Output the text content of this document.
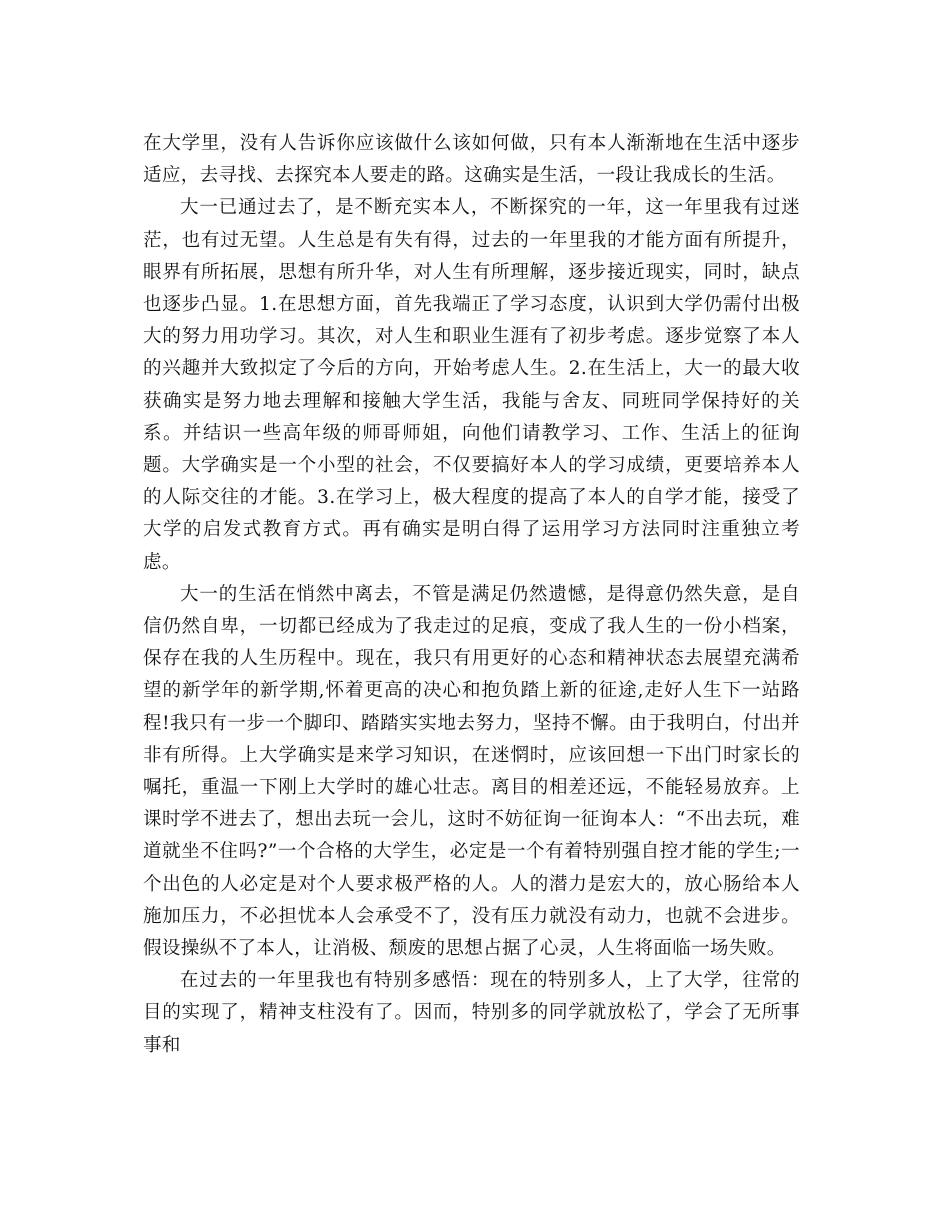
在大学里，没有人告诉你应该做什么该如何做，只有本人渐渐地在生活中逐步适应，去寻找、去探究本人要走的路。这确实是生活，一段让我成长的生活。

大一已通过去了，是不断充实本人，不断探究的一年，这一年里我有过迷茫，也有过无望。人生总是有失有得，过去的一年里我的才能方面有所提升，眼界有所拓展，思想有所升华，对人生有所理解，逐步接近现实，同时，缺点也逐步凸显。1.在思想方面，首先我端正了学习态度，认识到大学仍需付出极大的努力用功学习。其次，对人生和职业生涯有了初步考虑。逐步觉察了本人的兴趣并大致拟定了今后的方向，开始考虑人生。2.在生活上，大一的最大收获确实是努力地去理解和接触大学生活，我能与舍友、同班同学保持好的关系。并结识一些高年级的师哥师姐，向他们请教学习、工作、生活上的征询题。大学确实是一个小型的社会，不仅要搞好本人的学习成绩，更要培养本人的人际交往的才能。3.在学习上，极大程度的提高了本人的自学才能，接受了大学的启发式教育方式。再有确实是明白得了运用学习方法同时注重独立考虑。

大一的生活在悄然中离去，不管是满足仍然遗憾，是得意仍然失意，是自信仍然自卑，一切都已经成为了我走过的足痕，变成了我人生的一份小档案，保存在我的人生历程中。现在，我只有用更好的心态和精神状态去展望充满希望的新学年的新学期,怀着更高的决心和抱负踏上新的征途,走好人生下一站路程!我只有一步一个脚印、踏踏实实地去努力，坚持不懈。由于我明白，付出并非有所得。上大学确实是来学习知识，在迷惘时，应该回想一下出门时家长的嘱托，重温一下刚上大学时的雄心壮志。离目的相差还远，不能轻易放弃。上课时学不进去了，想出去玩一会儿，这时不妨征询一征询本人：“不出去玩，难道就坐不住吗?”一个合格的大学生，必定是一个有着特别强自控才能的学生;一个出色的人必定是对个人要求极严格的人。人的潜力是宏大的，放心肠给本人施加压力，不必担忧本人会承受不了，没有压力就没有动力，也就不会进步。假设操纵不了本人，让消极、颓废的思想占据了心灵，人生将面临一场失败。

在过去的一年里我也有特别多感悟：现在的特别多人，上了大学，往常的目的实现了，精神支柱没有了。因而，特别多的同学就放松了，学会了无所事事和
